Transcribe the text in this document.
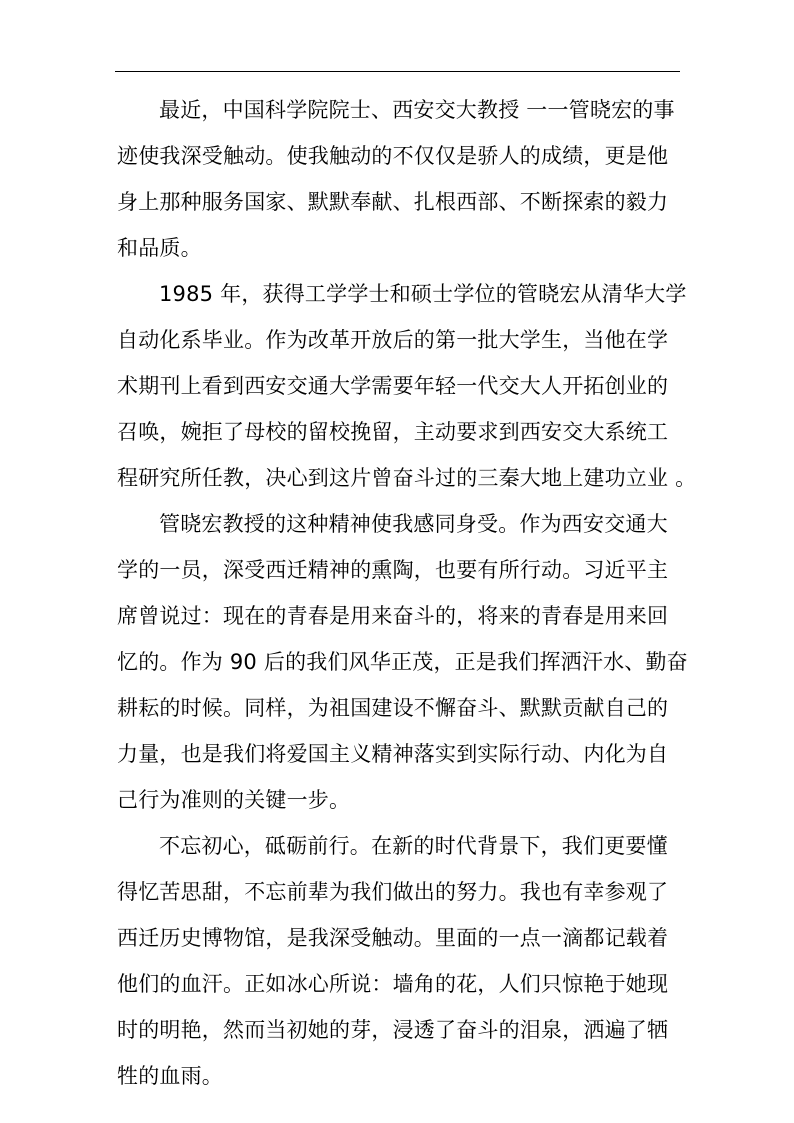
最近，中国科学院院士、西安交大教授 一一管晓宏的事
迹使我深受触动。使我触动的不仅仅是骄人的成绩，更是他
身上那种服务国家、默默奉献、扎根西部、不断探索的毅力
和品质。
1985 年，获得工学学士和硕士学位的管晓宏从清华大学
自动化系毕业。作为改革开放后的第一批大学生，当他在学
术期刊上看到西安交通大学需要年轻一代交大人开拓创业的
召唤，婉拒了母校的留校挽留，主动要求到西安交大系统工
程研究所任教，决心到这片曾奋斗过的三秦大地上建功立业 。
管晓宏教授的这种精神使我感同身受。作为西安交通大
学的一员，深受西迁精神的熏陶，也要有所行动。习近平主
席曾说过：现在的青春是用来奋斗的，将来的青春是用来回
忆的。作为 90 后的我们风华正茂，正是我们挥洒汗水、勤奋
耕耘的时候。同样，为祖国建设不懈奋斗、默默贡献自己的
力量，也是我们将爱国主义精神落实到实际行动、内化为自
己行为准则的关键一步。
不忘初心，砥砺前行。在新的时代背景下，我们更要懂
得忆苦思甜，不忘前辈为我们做出的努力。我也有幸参观了
西迁历史博物馆，是我深受触动。里面的一点一滴都记载着
他们的血汗。正如冰心所说：墙角的花，人们只惊艳于她现
时的明艳，然而当初她的芽，浸透了奋斗的泪泉，洒遍了牺
牲的血雨。
